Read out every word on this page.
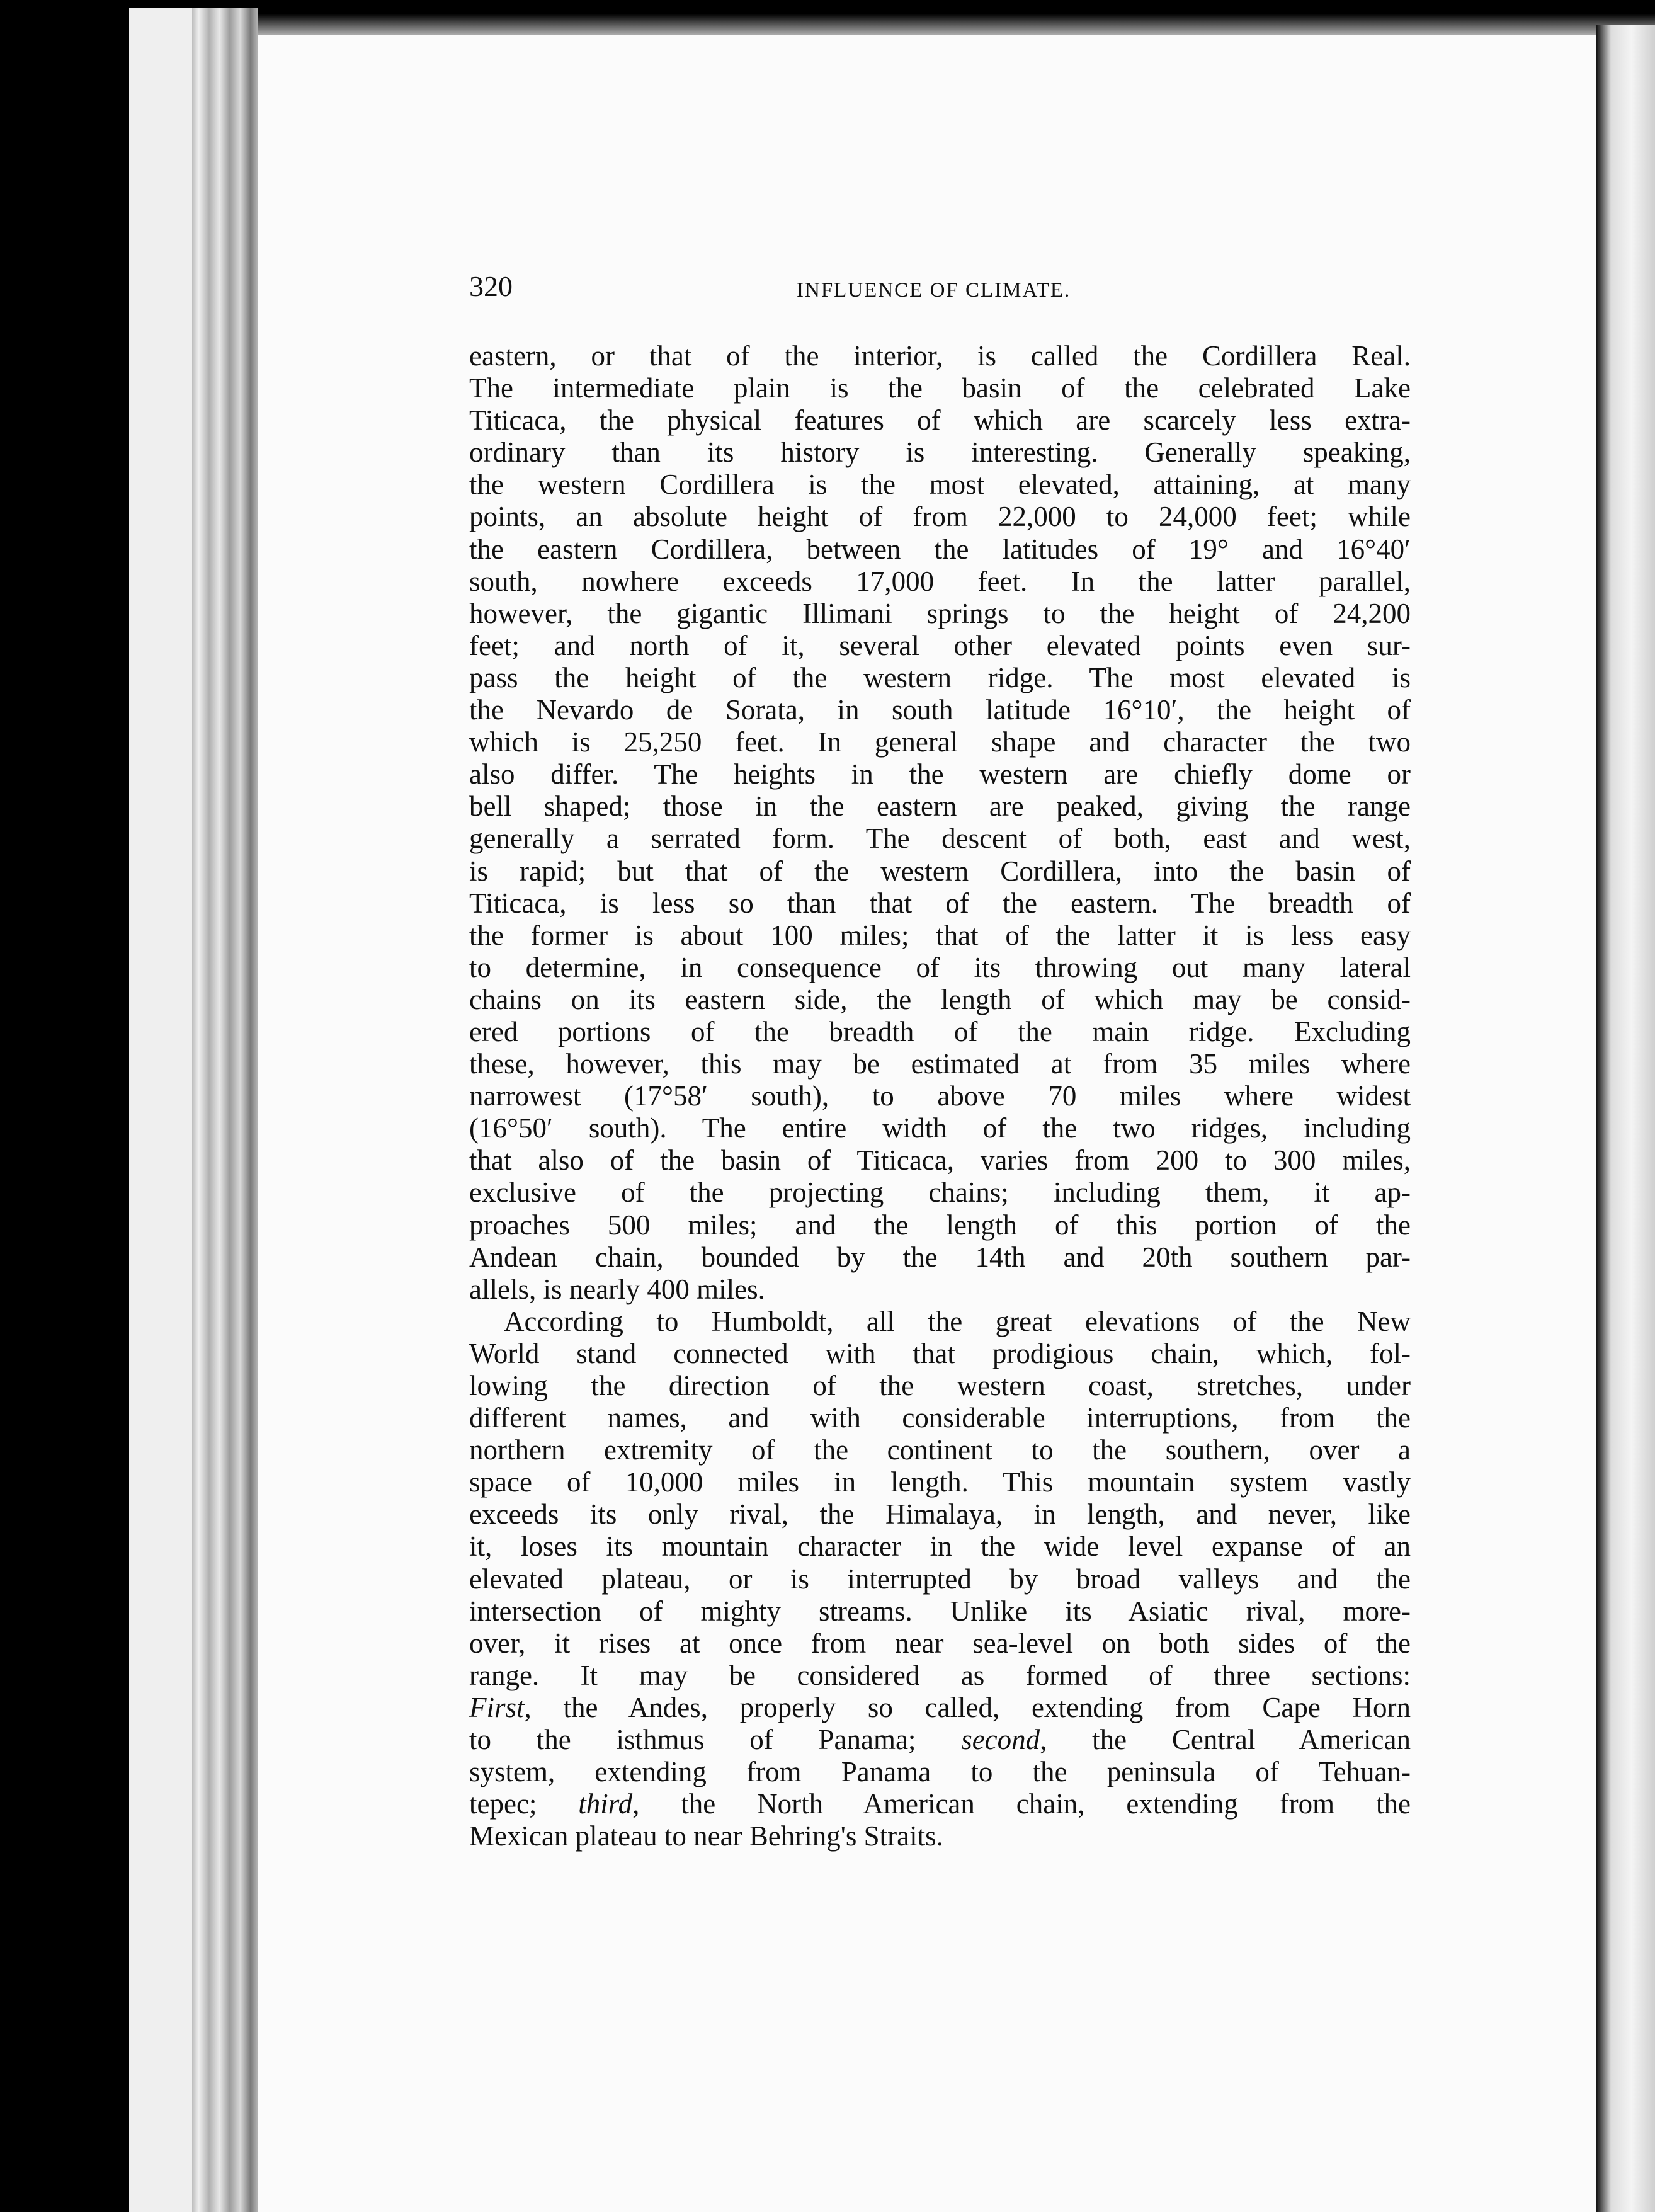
320	INFLUENCE OF CLIMATE.
eastern, or that of the interior, is called the Cordillera Real.
The intermediate plain is the basin of the celebrated Lake
Titicaca, the physical features of which are scarcely less extra-
ordinary than its history is interesting. Generally speaking,
the western Cordillera is the most elevated, attaining, at many
points, an absolute height of from 22,000 to 24,000 feet; while
the eastern Cordillera, between the latitudes of 19° and 16°40′
south, nowhere exceeds 17,000 feet. In the latter parallel,
however, the gigantic Illimani springs to the height of 24,200
feet; and north of it, several other elevated points even sur-
pass the height of the western ridge. The most elevated is
the Nevardo de Sorata, in south latitude 16°10′, the height of
which is 25,250 feet. In general shape and character the two
also differ. The heights in the western are chiefly dome or
bell shaped; those in the eastern are peaked, giving the range
generally a serrated form. The descent of both, east and west,
is rapid; but that of the western Cordillera, into the basin of
Titicaca, is less so than that of the eastern. The breadth of
the former is about 100 miles; that of the latter it is less easy
to determine, in consequence of its throwing out many lateral
chains on its eastern side, the length of which may be consid-
ered portions of the breadth of the main ridge. Excluding
these, however, this may be estimated at from 35 miles where
narrowest (17°58′ south), to above 70 miles where widest
(16°50′ south). The entire width of the two ridges, including
that also of the basin of Titicaca, varies from 200 to 300 miles,
exclusive of the projecting chains; including them, it ap-
proaches 500 miles; and the length of this portion of the
Andean chain, bounded by the 14th and 20th southern par-
allels, is nearly 400 miles.
According to Humboldt, all the great elevations of the New
World stand connected with that prodigious chain, which, fol-
lowing the direction of the western coast, stretches, under
different names, and with considerable interruptions, from the
northern extremity of the continent to the southern, over a
space of 10,000 miles in length. This mountain system vastly
exceeds its only rival, the Himalaya, in length, and never, like
it, loses its mountain character in the wide level expanse of an
elevated plateau, or is interrupted by broad valleys and the
intersection of mighty streams. Unlike its Asiatic rival, more-
over, it rises at once from near sea-level on both sides of the
range. It may be considered as formed of three sections:
First, the Andes, properly so called, extending from Cape Horn
to the isthmus of Panama; second, the Central American
system, extending from Panama to the peninsula of Tehuan-
tepec; third, the North American chain, extending from the
Mexican plateau to near Behring's Straits.
